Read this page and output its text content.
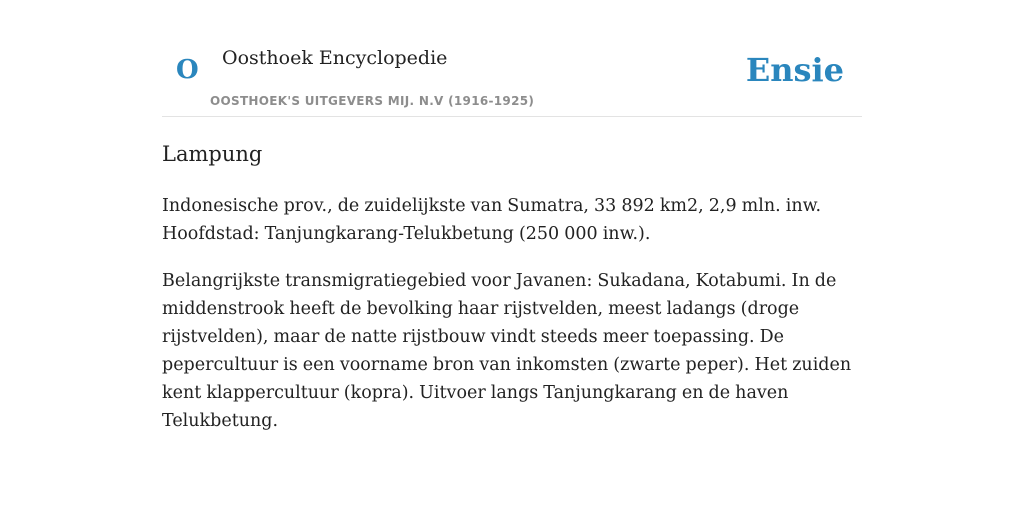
O Oosthoek Encyclopedie
OOSTHOEK'S UITGEVERS MIJ. N.V (1916-1925)
Ensie
Lampung

Indonesische prov., de zuidelijkste van Sumatra, 33 892 km2, 2,9 mln. inw. Hoofdstad: Tanjungkarang-Telukbetung (250 000 inw.).

Belangrijkste transmigratiegebied voor Javanen: Sukadana, Kotabumi. In de middenstrook heeft de bevolking haar rijstvelden, meest ladangs (droge rijstvelden), maar de natte rijstbouw vindt steeds meer toepassing. De pepercultuur is een voorname bron van inkomsten (zwarte peper). Het zuiden kent klappercultuur (kopra). Uitvoer langs Tanjungkarang en de haven Telukbetung.
